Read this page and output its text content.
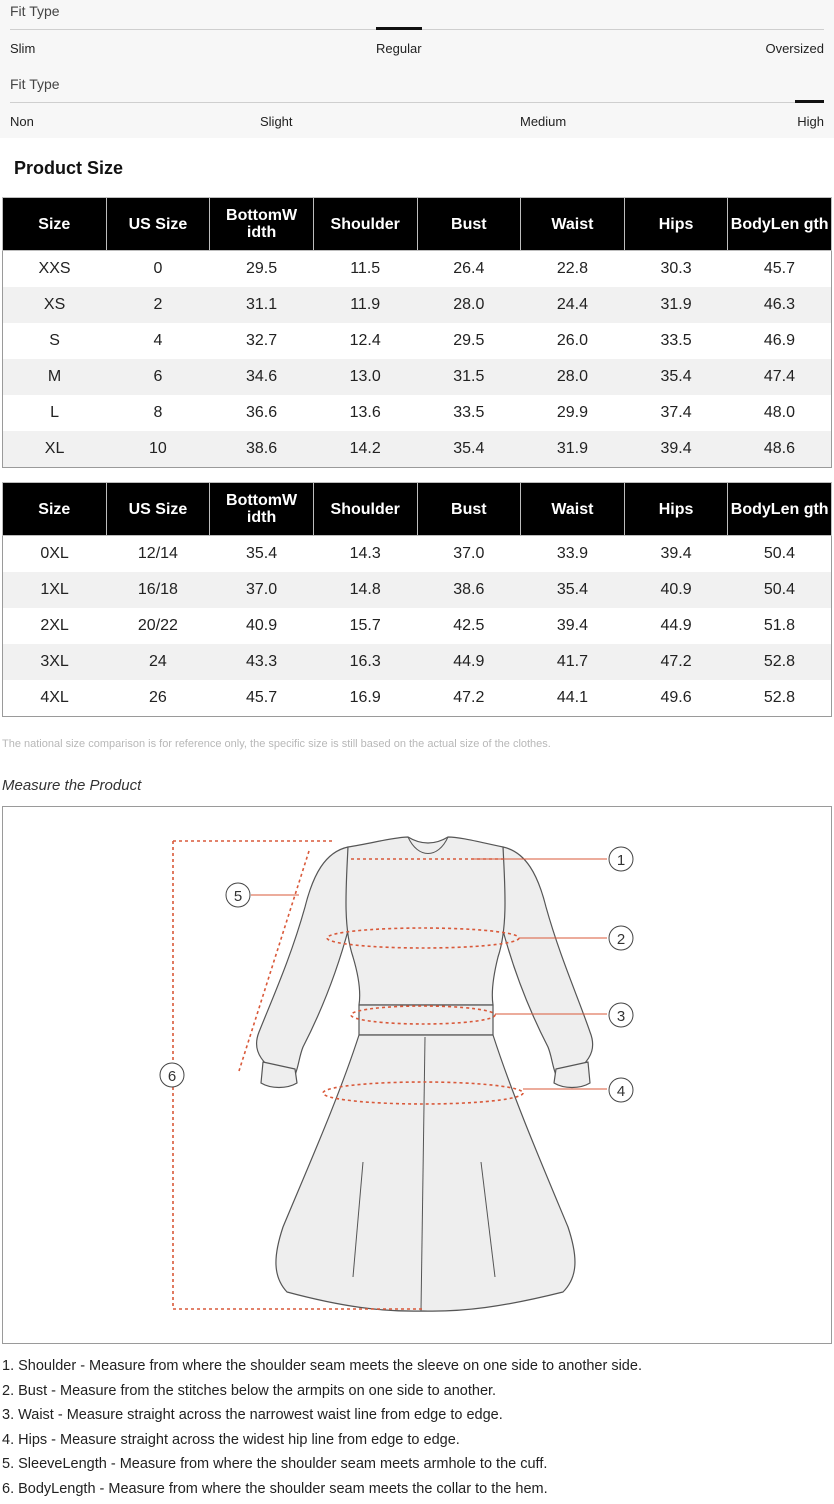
Fit Type
Slim	Regular	Oversized
Fit Type
Non	Slight	Medium	High
Product Size
Size	US Size	BottomW idth	Shoulder	Bust	Waist	Hips	BodyLen gth
XXS	0	29.5	11.5	26.4	22.8	30.3	45.7
XS	2	31.1	11.9	28.0	24.4	31.9	46.3
S	4	32.7	12.4	29.5	26.0	33.5	46.9
M	6	34.6	13.0	31.5	28.0	35.4	47.4
L	8	36.6	13.6	33.5	29.9	37.4	48.0
XL	10	38.6	14.2	35.4	31.9	39.4	48.6
Size	US Size	BottomW idth	Shoulder	Bust	Waist	Hips	BodyLen gth
0XL	12/14	35.4	14.3	37.0	33.9	39.4	50.4
1XL	16/18	37.0	14.8	38.6	35.4	40.9	50.4
2XL	20/22	40.9	15.7	42.5	39.4	44.9	51.8
3XL	24	43.3	16.3	44.9	41.7	47.2	52.8
4XL	26	45.7	16.9	47.2	44.1	49.6	52.8
The national size comparison is for reference only, the specific size is still based on the actual size of the clothes.
Measure the Product
1
2
3
4
5
6
1. Shoulder - Measure from where the shoulder seam meets the sleeve on one side to another side.
2. Bust - Measure from the stitches below the armpits on one side to another.
3. Waist - Measure straight across the narrowest waist line from edge to edge.
4. Hips - Measure straight across the widest hip line from edge to edge.
5. SleeveLength - Measure from where the shoulder seam meets armhole to the cuff.
6. BodyLength - Measure from where the shoulder seam meets the collar to the hem.
